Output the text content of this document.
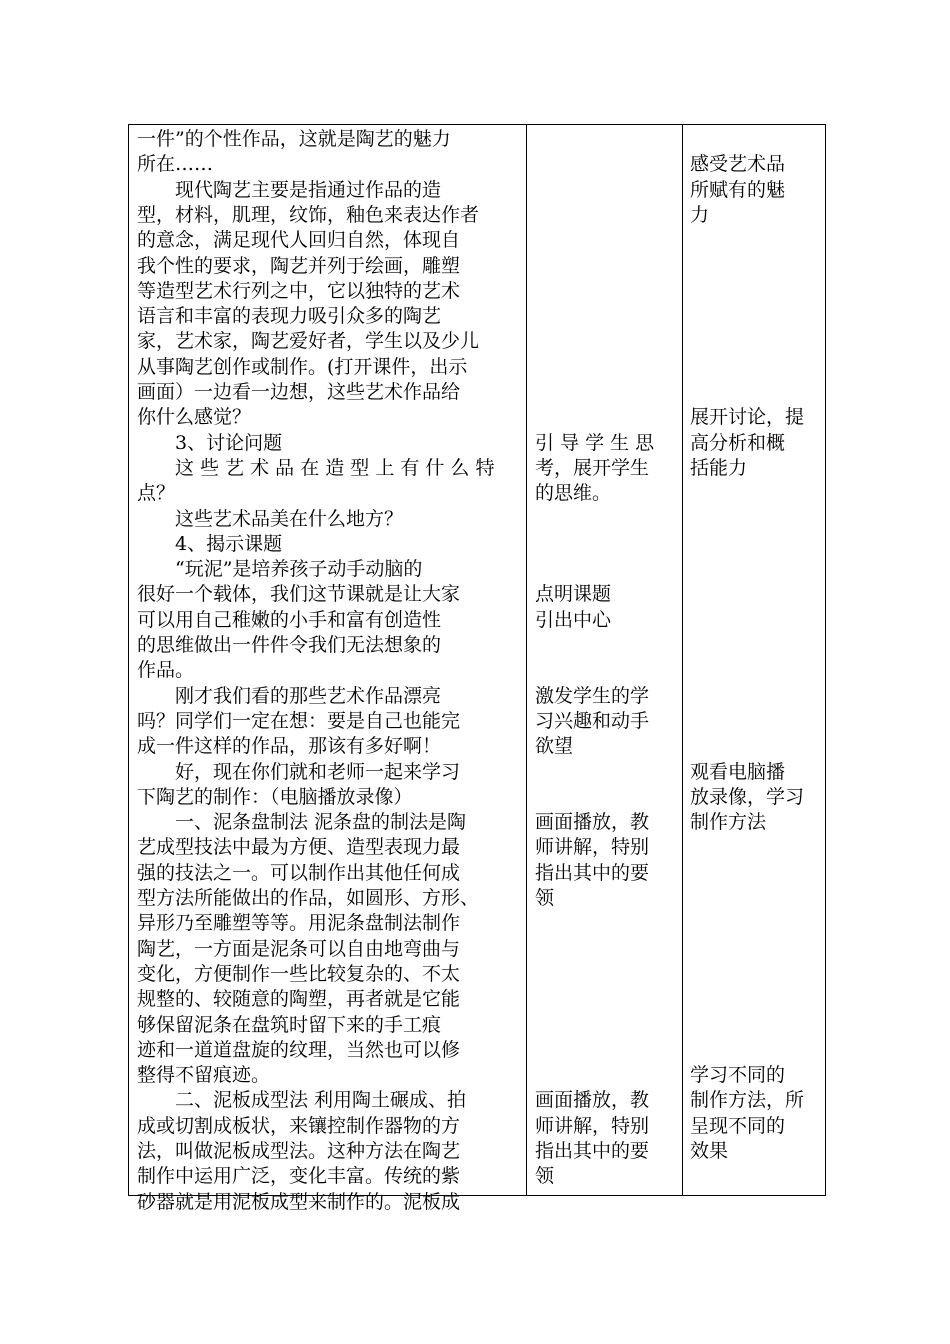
一件”的个性作品，这就是陶艺的魅力
所在……
　　现代陶艺主要是指通过作品的造
型，材料，肌理，纹饰，釉色来表达作者
的意念，满足现代人回归自然，体现自
我个性的要求，陶艺并列于绘画，雕塑
等造型艺术行列之中，它以独特的艺术
语言和丰富的表现力吸引众多的陶艺
家，艺术家，陶艺爱好者，学生以及少儿
从事陶艺创作或制作。(打开课件，出示
画面）一边看一边想，这些艺术作品给
你什么感觉？
　　3、讨论问题
　　这 些 艺 术 品 在 造 型 上 有 什 么 特
点？
　　这些艺术品美在什么地方？
　　4、揭示课题
　　“玩泥”是培养孩子动手动脑的
很好一个载体，我们这节课就是让大家
可以用自己稚嫩的小手和富有创造性
的思维做出一件件令我们无法想象的
作品。
　　刚才我们看的那些艺术作品漂亮
吗？同学们一定在想：要是自己也能完
成一件这样的作品，那该有多好啊！
　　好，现在你们就和老师一起来学习
下陶艺的制作：（电脑播放录像）
　　一、泥条盘制法 泥条盘的制法是陶
艺成型技法中最为方便、造型表现力最
强的技法之一。可以制作出其他任何成
型方法所能做出的作品，如圆形、方形、
异形乃至雕塑等等。用泥条盘制法制作
陶艺，一方面是泥条可以自由地弯曲与
变化，方便制作一些比较复杂的、不太
规整的、较随意的陶塑，再者就是它能
够保留泥条在盘筑时留下来的手工痕
迹和一道道盘旋的纹理，当然也可以修
整得不留痕迹。
　　二、泥板成型法 利用陶土碾成、拍
成或切割成板状，来镶控制作器物的方
法，叫做泥板成型法。这种方法在陶艺
制作中运用广泛，变化丰富。传统的紫
砂器就是用泥板成型来制作的。泥板成
引 导 学 生 思
考，展开学生
的思维。
点明课题
引出中心
激发学生的学
习兴趣和动手
欲望
画面播放，教
师讲解，特别
指出其中的要
领
画面播放，教
师讲解，特别
指出其中的要
领
感受艺术品
所赋有的魅
力
展开讨论，提
高分析和概
括能力
观看电脑播
放录像，学习
制作方法
学习不同的
制作方法，所
呈现不同的
效果
